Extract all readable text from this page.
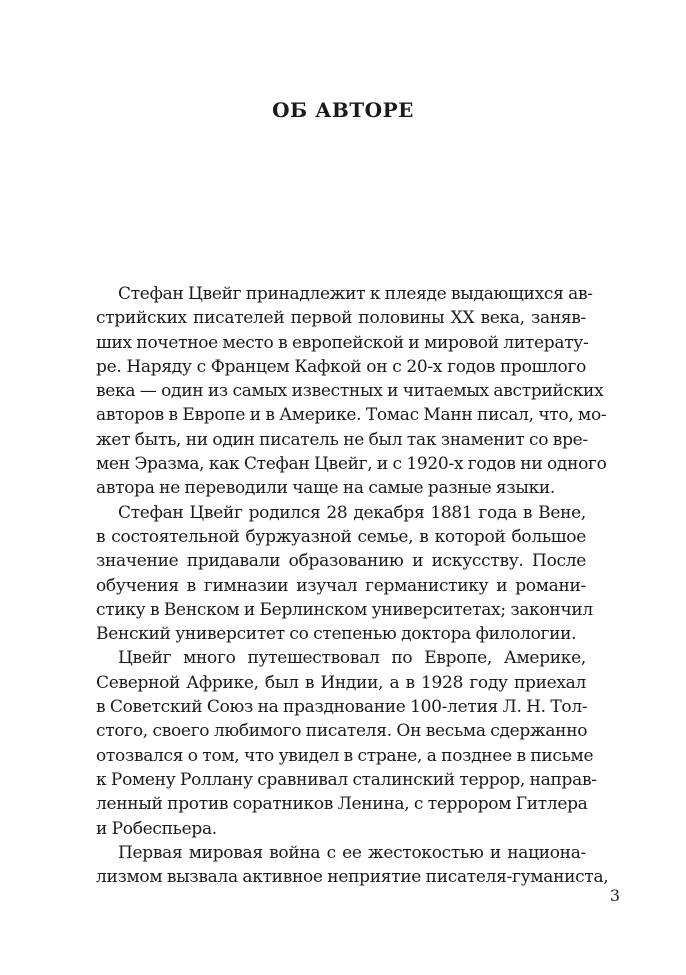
ОБ АВТОРЕ
Стефан Цвейг принадлежит к плеяде выдающихся ав-
стрийских писателей первой половины XX века, заняв-
ших почетное место в европейской и мировой литерату-
ре. Наряду с Францем Кафкой он с 20-х годов прошлого
века — один из самых известных и читаемых австрийских
авторов в Европе и в Америке. Томас Манн писал, что, мо-
жет быть, ни один писатель не был так знаменит со вре-
мен Эразма, как Стефан Цвейг, и с 1920-х годов ни одного
автора не переводили чаще на самые разные языки.
Стефан Цвейг родился 28 декабря 1881 года в Вене,
в состоятельной буржуазной семье, в которой большое
значение придавали образованию и искусству. После
обучения в гимназии изучал германистику и романи-
стику в Венском и Берлинском университетах; закончил
Венский университет со степенью доктора филологии.
Цвейг много путешествовал по Европе, Америке,
Северной Африке, был в Индии, а в 1928 году приехал
в Советский Союз на празднование 100-летия Л. Н. Тол-
стого, своего любимого писателя. Он весьма сдержанно
отозвался о том, что увидел в стране, а позднее в письме
к Ромену Роллану сравнивал сталинский террор, направ-
ленный против соратников Ленина, с террором Гитлера
и Робеспьера.
Первая мировая война с ее жестокостью и национа-
лизмом вызвала активное неприятие писателя-гуманиста,
3
